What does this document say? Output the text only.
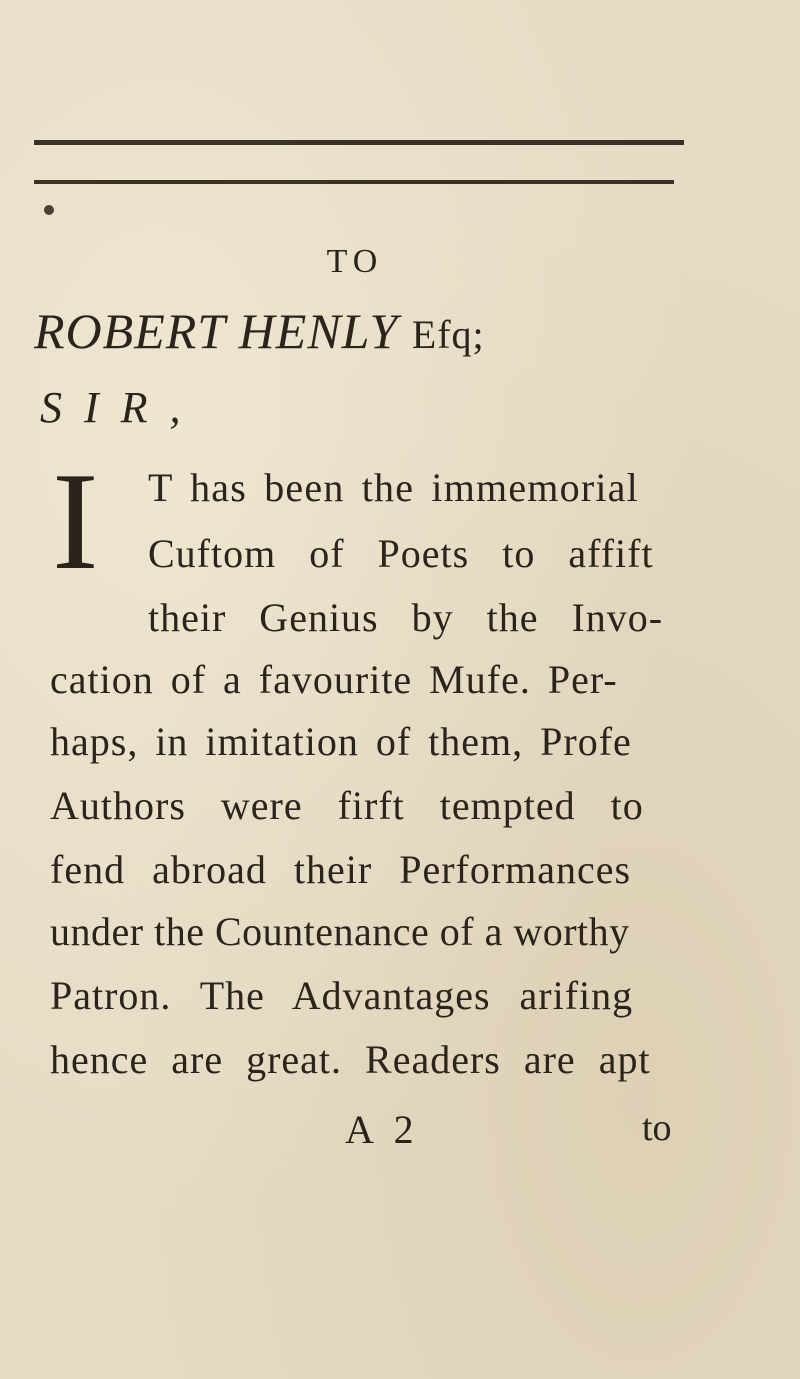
TO
ROBERT HENLY Efq;
SIR,
I T has been the immemorial
Cuftom of Poets to affift
their Genius by the Invo-
cation of a favourite Mufe. Per-
haps, in imitation of them, Profe
Authors were firft tempted to
fend abroad their Performances
under the Countenance of a worthy
Patron. The Advantages arifing
hence are great. Readers are apt
A 2	to
